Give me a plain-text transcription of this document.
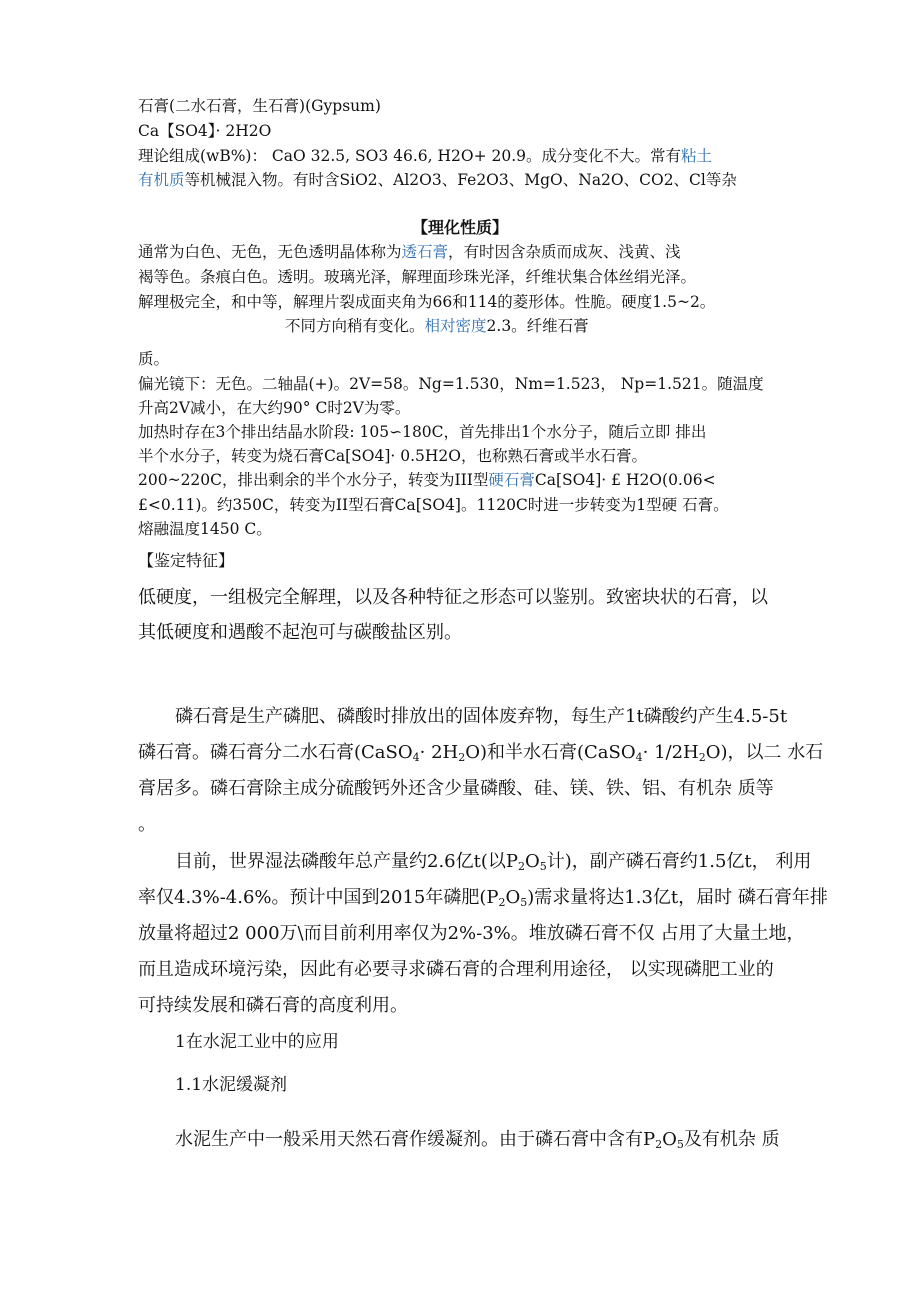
石膏(二水石膏，生石膏)(Gypsum)
Ca【SO4】· 2H2O
理论组成(wB%)： CaO 32.5, SO3 46.6, H2O+ 20.9。成分变化不大。常有粘土
有机质等机械混入物。有时含SiO2、Al2O3、Fe2O3、MgO、Na2O、CO2、Cl等杂
【理化性质】
通常为白色、无色，无色透明晶体称为透石膏，有时因含杂质而成灰、浅黄、浅
褐等色。条痕白色。透明。玻璃光泽，解理面珍珠光泽，纤维状集合体丝绢光泽。
解理极完全，和中等，解理片裂成面夹角为66和114的菱形体。性脆。硬度1.5~2。
不同方向稍有变化。相对密度2.3。纤维石膏
质。
偏光镜下：无色。二轴晶(+)。2V=58。Ng=1.530，Nm=1.523， Np=1.521。随温度
升高2V减小，在大约90° C时2V为零。
加热时存在3个排出结晶水阶段: 105∽180C，首先排出1个水分子，随后立即 排出
半个水分子，转变为烧石膏Ca[SO4]· 0.5H2O，也称熟石膏或半水石膏。
200~220C，排出剩余的半个水分子，转变为III型硬石膏Ca[SO4]· £ H2O(0.06<
£<0.11)。约350C，转变为II型石膏Ca[SO4]。1120C时进一步转变为1型硬 石膏。
熔融温度1450 C。
【鉴定特征】
低硬度，一组极完全解理，以及各种特征之形态可以鉴别。致密块状的石膏，以
其低硬度和遇酸不起泡可与碳酸盐区别。
磷石膏是生产磷肥、磷酸时排放出的固体废弃物，每生产1t磷酸约产生4.5-5t
磷石膏。磷石膏分二水石膏(CaSO$_4$· $2H_2O$)和半水石膏(CaSO$_4$· $1/2H_2O$)，以二 水石
膏居多。磷石膏除主成分硫酸钙外还含少量磷酸、硅、镁、铁、铝、有机杂 质等
。
目前，世界湿法磷酸年总产量约2.6亿t(以$P_2O_5$计)，副产磷石膏约1.5亿t， 利用
率仅4.3%-4.6%。预计中国到2015年磷肥$(P_2O_5)$需求量将达1.3亿t，届时 磷石膏年排
放量将超过2 000万\而目前利用率仅为2%-3%。堆放磷石膏不仅 占用了大量土地，
而且造成环境污染，因此有必要寻求磷石膏的合理利用途径， 以实现磷肥工业的
可持续发展和磷石膏的高度利用。
1在水泥工业中的应用
1.1水泥缓凝剂
水泥生产中一般采用天然石膏作缓凝剂。由于磷石膏中含有$P_2O_5$及有机杂 质
